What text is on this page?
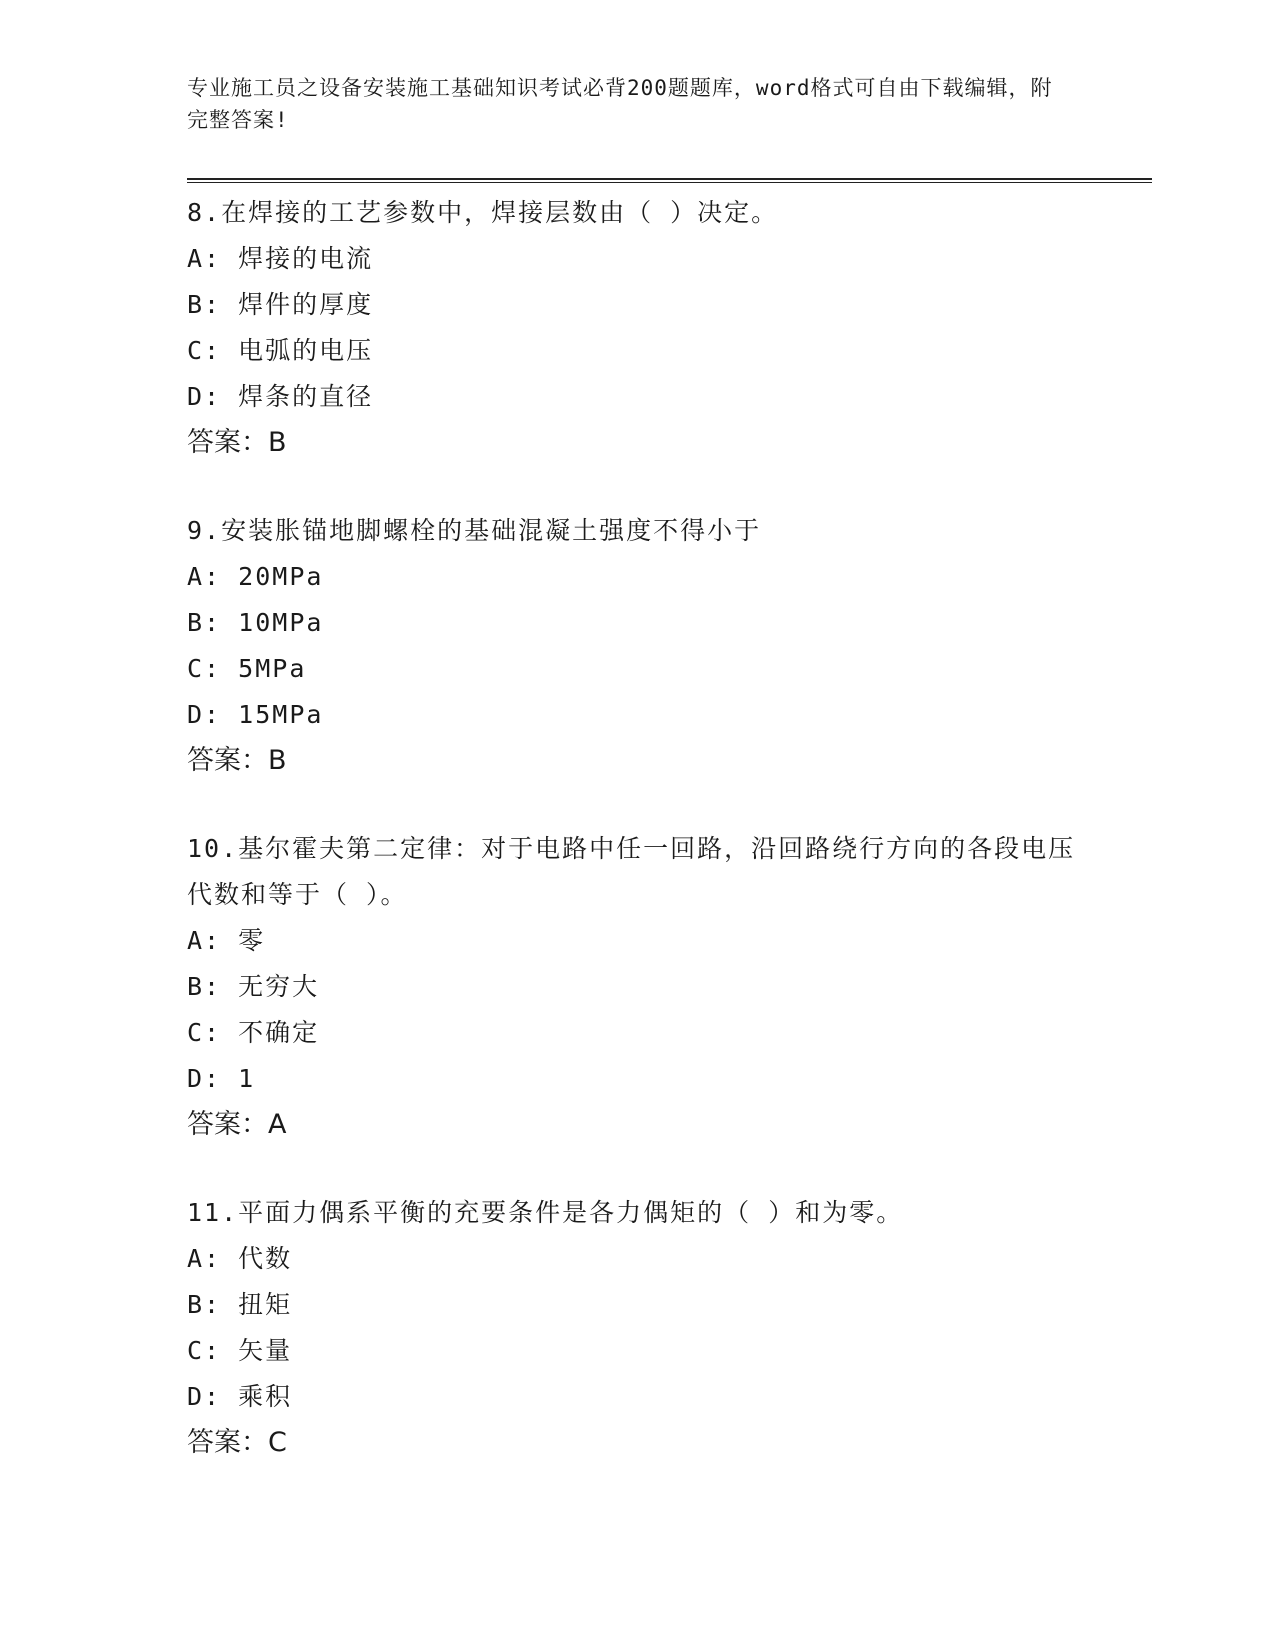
专业施工员之设备安装施工基础知识考试必背200题题库，word格式可自由下载编辑，附完整答案!

8.在焊接的工艺参数中，焊接层数由（ ）决定。

A: 焊接的电流

B: 焊件的厚度

C: 电弧的电压

D: 焊条的直径

答案：B

9.安装胀锚地脚螺栓的基础混凝土强度不得小于

A: 20MPa

B: 10MPa

C: 5MPa

D: 15MPa

答案：B

10.基尔霍夫第二定律：对于电路中任一回路，沿回路绕行方向的各段电压代数和等于（ ）。

A: 零

B: 无穷大

C: 不确定

D: 1

答案：A

11.平面力偶系平衡的充要条件是各力偶矩的（ ）和为零。

A: 代数

B: 扭矩

C: 矢量

D: 乘积

答案：C
